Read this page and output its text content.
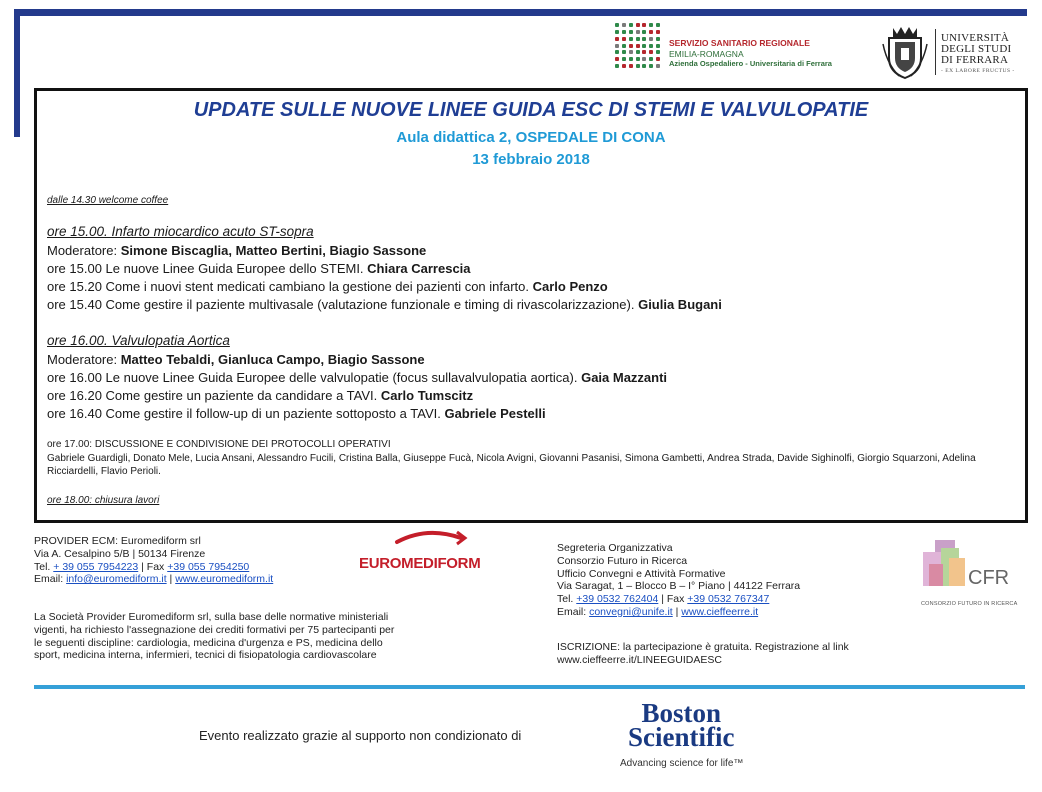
SERVIZIO SANITARIO REGIONALE
EMILIA-ROMAGNA
Azienda Ospedaliero - Universitaria di Ferrara
UNIVERSITÀ
DEGLI STUDI
DI FERRARA
- EX LABORE FRUCTUS -
UPDATE SULLE NUOVE LINEE GUIDA ESC DI STEMI E VALVULOPATIE
Aula didattica 2, OSPEDALE DI CONA
13 febbraio 2018
dalle 14.30 welcome coffee
ore 15.00. Infarto miocardico acuto ST-sopra
Moderatore: Simone Biscaglia, Matteo Bertini, Biagio Sassone
ore 15.00 Le nuove Linee Guida Europee dello STEMI. Chiara Carrescia
ore 15.20 Come i nuovi stent medicati cambiano la gestione dei pazienti con infarto. Carlo Penzo
ore 15.40 Come gestire il paziente multivasale (valutazione funzionale e timing di rivascolarizzazione). Giulia Bugani
ore 16.00. Valvulopatia Aortica
Moderatore: Matteo Tebaldi, Gianluca Campo, Biagio Sassone
ore 16.00 Le nuove Linee Guida Europee delle valvulopatie (focus sullavalvulopatia aortica). Gaia Mazzanti
ore 16.20 Come gestire un paziente da candidare a TAVI. Carlo Tumscitz
ore 16.40 Come gestire il follow-up di un paziente sottoposto a TAVI. Gabriele Pestelli
ore 17.00: DISCUSSIONE E CONDIVISIONE DEI PROTOCOLLI OPERATIVI
Gabriele Guardigli, Donato Mele, Lucia Ansani, Alessandro Fucili, Cristina Balla, Giuseppe Fucà, Nicola Avigni, Giovanni Pasanisi, Simona Gambetti, Andrea Strada, Davide Sighinolfi, Giorgio Squarzoni, Adelina Ricciardelli, Flavio Perioli.
ore 18.00: chiusura lavori
PROVIDER ECM: Euromediform srl
Via A. Cesalpino 5/B | 50134 Firenze
Tel. + 39 055 7954223 | Fax +39 055 7954250
Email: info@euromediform.it | www.euromediform.it
EUROMEDIFORM
La Società Provider Euromediform srl, sulla base delle normative ministeriali
vigenti, ha richiesto l'assegnazione dei crediti formativi per 75 partecipanti per
le seguenti discipline: cardiologia, medicina d'urgenza e PS, medicina dello
sport, medicina interna, infermieri, tecnici di fisiopatologia cardiovascolare
Segreteria Organizzativa
Consorzio Futuro in Ricerca
Ufficio Convegni e Attività Formative
Via Saragat, 1 – Blocco B – I° Piano | 44122 Ferrara
Tel. +39 0532 762404 | Fax +39 0532 767347
Email: convegni@unife.it | www.cieffeerre.it
ISCRIZIONE: la partecipazione è gratuita. Registrazione al link
www.cieffeerre.it/LINEEGUIDAESC
CFR
CONSORZIO FUTURO IN RICERCA
Evento realizzato grazie al supporto non condizionato di
Boston
Scientific
Advancing science for life™
